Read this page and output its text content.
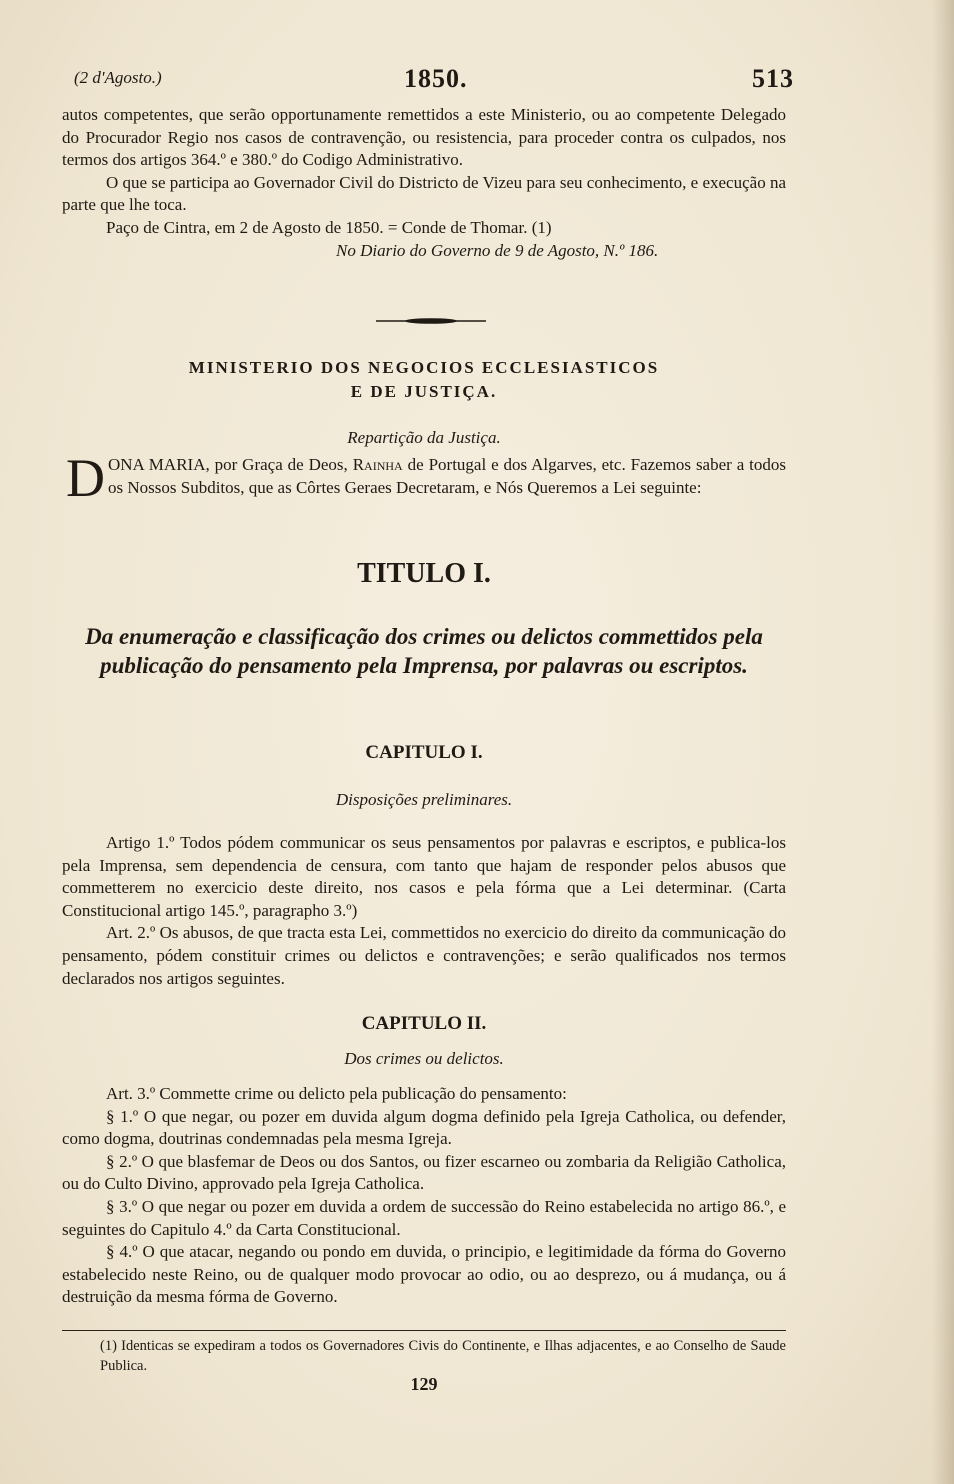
(2 d'Agosto.)	1850.	513

autos competentes, que serão opportunamente remettidos a este Ministerio, ou ao competente Delegado do Procurador Regio nos casos de contravenção, ou resistencia, para proceder contra os culpados, nos termos dos artigos 364.º e 380.º do Codigo Administrativo.

O que se participa ao Governador Civil do Districto de Vizeu para seu conhecimento, e execução na parte que lhe toca.

Paço de Cintra, em 2 de Agosto de 1850. = Conde de Thomar. (1)

No Diario do Governo de 9 de Agosto, N.º 186.

MINISTERIO DOS NEGOCIOS ECCLESIASTICOS
E DE JUSTIÇA.
Repartição da Justiça.

DONA MARIA, por Graça de Deos, Rainha de Portugal e dos Algarves, etc. Fazemos saber a todos os Nossos Subditos, que as Côrtes Geraes Decretaram, e Nós Queremos a Lei seguinte:

TITULO I.
Da enumeração e classificação dos crimes ou delictos commettidos pela publicação do pensamento pela Imprensa, por palavras ou escriptos.
CAPITULO I.
Disposições preliminares.

Artigo 1.º Todos pódem communicar os seus pensamentos por palavras e escriptos, e publica-los pela Imprensa, sem dependencia de censura, com tanto que hajam de responder pelos abusos que commetterem no exercicio deste direito, nos casos e pela fórma que a Lei determinar. (Carta Constitucional artigo 145.º, paragrapho 3.º)

Art. 2.º Os abusos, de que tracta esta Lei, commettidos no exercicio do direito da communicação do pensamento, pódem constituir crimes ou delictos e contravenções; e serão qualificados nos termos declarados nos artigos seguintes.

CAPITULO II.
Dos crimes ou delictos.

Art. 3.º Commette crime ou delicto pela publicação do pensamento:

§ 1.º O que negar, ou pozer em duvida algum dogma definido pela Igreja Catholica, ou defender, como dogma, doutrinas condemnadas pela mesma Igreja.

§ 2.º O que blasfemar de Deos ou dos Santos, ou fizer escarneo ou zombaria da Religião Catholica, ou do Culto Divino, approvado pela Igreja Catholica.

§ 3.º O que negar ou pozer em duvida a ordem de successão do Reino estabelecida no artigo 86.º, e seguintes do Capitulo 4.º da Carta Constitucional.

§ 4.º O que atacar, negando ou pondo em duvida, o principio, e legitimidade da fórma do Governo estabelecido neste Reino, ou de qualquer modo provocar ao odio, ou ao desprezo, ou á mudança, ou á destruição da mesma fórma de Governo.

(1) Identicas se expediram a todos os Governadores Civis do Continente, e Ilhas adjacentes, e ao Conselho de Saude Publica.

129
